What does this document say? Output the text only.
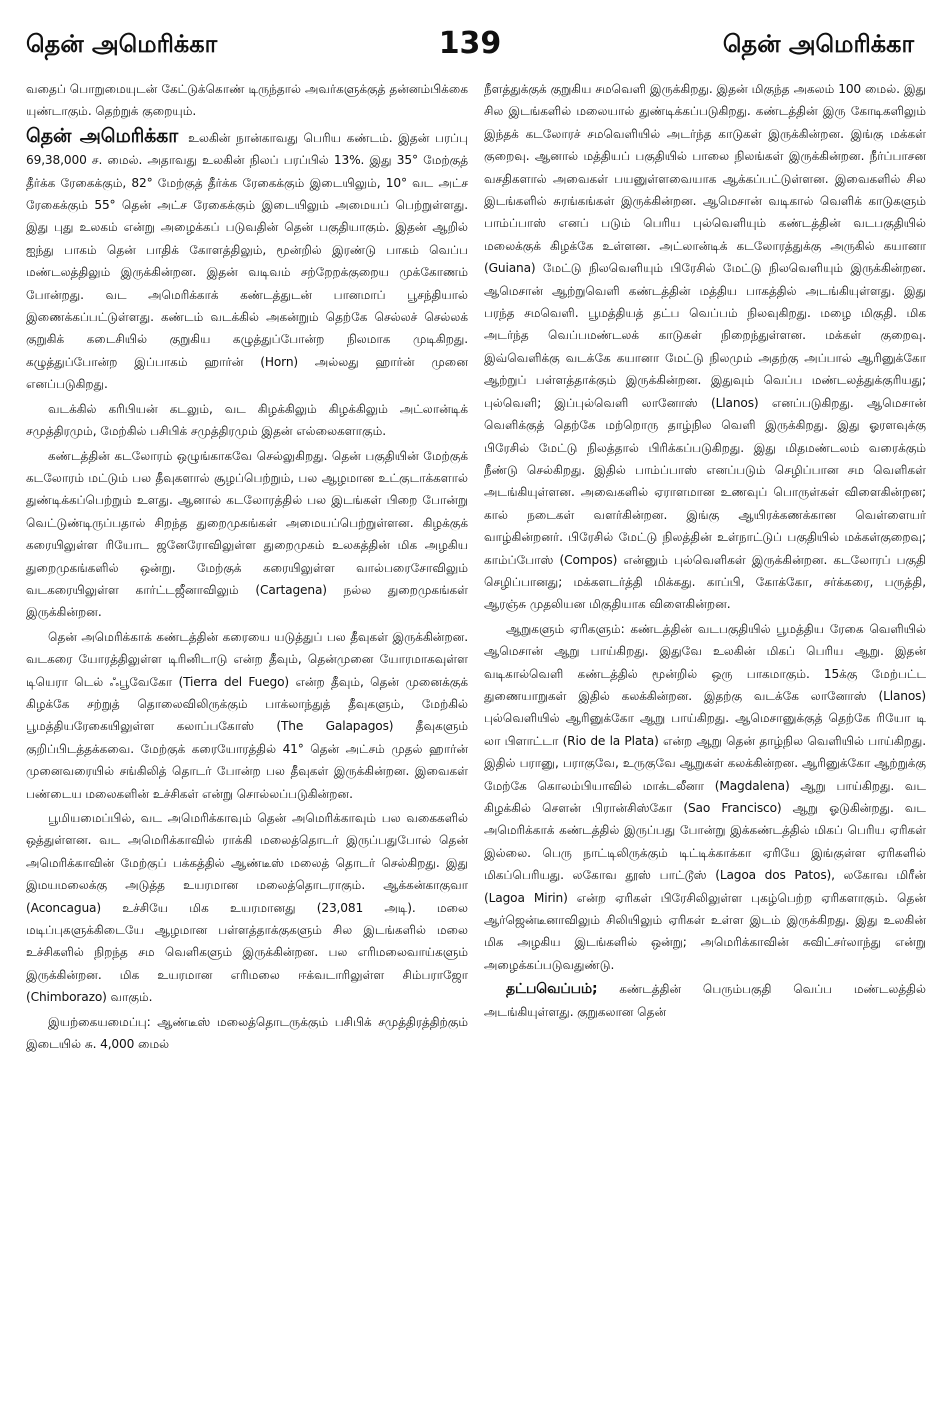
தென் அமெரிக்கா	139	தென் அமெரிக்கா

வதைப் பொறுமையுடன் கேட்டுக்கொண் டிருந்தால் அவர்களுக்குத் தன்னம்பிக்கை யுண்டாகும். தெற்றுக் குறையும்.

தென் அமெரிக்கா உலகின் நான்காவது பெரிய கண்டம். இதன் பரப்பு 69,38,000 ச. மைல். அதாவது உலகின் நிலப் பரப்பில் 13%. இது 35° மேற்குத் தீர்க்க ரேகைக்கும், 82° மேற்குத் தீர்க்க ரேகைக்கும் இடையிலும், 10° வட அட்ச ரேகைக்கும் 55° தென் அட்ச ரேகைக்கும் இடையிலும் அமையப் பெற்றுள்ளது. இது புது உலகம் என்று அழைக்கப் படுவதின் தென் பகுதியாகும். இதன் ஆறில் ஐந்து பாகம் தென் பாதிக் கோளத்திலும், மூன்றில் இரண்டு பாகம் வெப்ப மண்டலத்திலும் இருக்கின்றன. இதன் வடிவம் சற்றேறக்குறைய முக்கோணம் போன்றது. வட அமெரிக்காக் கண்டத்துடன் பானமாப் பூசந்தியால் இணைக்கப்பட்டுள்ளது. கண்டம் வடக்கில் அகன்றும் தெற்கே செல்லச் செல்லக் குறுகிக் கடைசியில் குறுகிய கழுத்துப்போன்ற நிலமாக முடிகிறது. கழுத்துப்போன்ற இப்பாகம் ஹார்ன் (Horn) அல்லது ஹார்ன் முனை எனப்படுகிறது.

வடக்கில் கரிபியன் கடலும், வட கிழக்கிலும் கிழக்கிலும் அட்லான்டிக் சமுத்திரமும், மேற்கில் பசிபிக் சமுத்திரமும் இதன் எல்லைகளாகும்.

கண்டத்தின் கடலோரம் ஒழுங்காகவே செல்லுகிறது. தென் பகுதியின் மேற்குக் கடலோரம் மட்டும் பல தீவுகளால் சூழப்பெற்றும், பல ஆழமான உட்குடாக்களால் துண்டிக்கப்பெற்றும் உளது. ஆனால் கடலோரத்தில் பல இடங்கள் பிறை போன்று வெட்டுண்டிருப்பதால் சிறந்த துறைமுகங்கள் அமையப்பெற்றுள்ளன. கிழக்குக் கரையிலுள்ள ரியோட ஜனேரோவிலுள்ள துறைமுகம் உலகத்தின் மிக அழகிய துறைமுகங்களில் ஒன்று. மேற்குக் கரையிலுள்ள வால்பரைசோவிலும் வடகரையிலுள்ள கார்ட்டஜீனாவிலும் (Cartagena) நல்ல துறைமுகங்கள் இருக்கின்றன.

தென் அமெரிக்காக் கண்டத்தின் கரையை யடுத்துப் பல தீவுகள் இருக்கின்றன. வடகரை யோரத்திலுள்ள டிரினிடாடு என்ற தீவும், தென்முனை யோரமாகவுள்ள டியெரா டெல் ஃபூவேகோ (Tierra del Fuego) என்ற தீவும், தென் முனைக்குக் கிழக்கே சற்றுத் தொலைவிலிருக்கும் பாக்லாந்துத் தீவுகளும், மேற்கில் பூமத்தியரேகையிலுள்ள கலாப்பகோஸ் (The Galapagos) தீவுகளும் குறிப்பிடத்தக்கவை. மேற்குக் கரையோரத்தில் 41° தென் அட்சம் முதல் ஹார்ன் முனைவரையில் சங்கிலித் தொடர் போன்ற பல தீவுகள் இருக்கின்றன. இவைகள் பண்டைய மலைகளின் உச்சிகள் என்று சொல்லப்படுகின்றன.

பூமியமைப்பில், வட அமெரிக்காவும் தென் அமெரிக்காவும் பல வகைகளில் ஒத்துள்ளன. வட அமெரிக்காவில் ராக்கி மலைத்தொடர் இருப்பதுபோல் தென் அமெரிக்காவின் மேற்குப் பக்கத்தில் ஆண்டீஸ் மலைத் தொடர் செல்கிறது. இது இமயமலைக்கு அடுத்த உயரமான மலைத்தொடராகும். ஆக்கன்காகுவா (Aconcagua) உச்சியே மிக உயரமானது (23,081 அடி). மலை மடிப்புகளுக்கிடையே ஆழமான பள்ளத்தாக்குகளும் சில இடங்களில் மலை உச்சிகளில் நிறந்த சம வெளிகளும் இருக்கின்றன. பல எரிமலைவாய்களும் இருக்கின்றன. மிக உயரமான எரிமலை ஈக்வடாரிலுள்ள சிம்பராஜோ (Chimborazo) வாகும்.

இயற்கையமைப்பு: ஆண்டீஸ் மலைத்தொடருக்கும் பசிபிக் சமுத்திரத்திற்கும் இடையில் சு. 4,000 மைல்

நீளத்துக்குக் குறுகிய சமவெளி இருக்கிறது. இதன் மிகுந்த அகலம் 100 மைல். இது சில இடங்களில் மலையால் துண்டிக்கப்படுகிறது. கண்டத்தின் இரு கோடிகளிலும் இந்தக் கடலோரச் சமவெளியில் அடர்ந்த காடுகள் இருக்கின்றன. இங்கு மக்கள் குறைவு. ஆனால் மத்தியப் பகுதியில் பாலை நிலங்கள் இருக்கின்றன. நீர்ப்பாசன வசதிகளால் அவைகள் பயனுள்ளவையாக ஆக்கப்பட்டுள்ளன. இவைகளில் சில இடங்களில் சுரங்கங்கள் இருக்கின்றன. ஆமெசான் வடிகால் வெளிக் காடுகளும் பாம்ப்பாஸ் எனப் படும் பெரிய புல்வெளியும் கண்டத்தின் வடபகுதியில் மலைக்குக் கிழக்கே உள்ளன. அட்லான்டிக் கடலோரத்துக்கு அருகில் கயானா (Guiana) மேட்டு நிலவெளியும் பிரேசில் மேட்டு நிலவெளியும் இருக்கின்றன. ஆமெசான் ஆற்றுவெளி கண்டத்தின் மத்திய பாகத்தில் அடங்கியுள்ளது. இது பரந்த சமவெளி. பூமத்தியத் தட்ப வெப்பம் நிலவுகிறது. மழை மிகுதி. மிக அடர்ந்த வெப்பமண்டலக் காடுகள் நிறைந்துள்ளன. மக்கள் குறைவு. இவ்வெளிக்கு வடக்கே கயானா மேட்டு நிலமும் அதற்கு அப்பால் ஆரினுக்கோ ஆற்றுப் பள்ளத்தாக்கும் இருக்கின்றன. இதுவும் வெப்ப மண்டலத்துக்குரியது; புல்வெளி; இப்புல்வெளி லானோஸ் (Llanos) எனப்படுகிறது. ஆமெசான் வெளிக்குத் தெற்கே மற்றொரு தாழ்நில வெளி இருக்கிறது. இது ஓரளவுக்கு பிரேசில் மேட்டு நிலத்தால் பிரிக்கப்படுகிறது. இது மிதமண்டலம் வரைக்கும் நீண்டு செல்கிறது. இதில் பாம்ப்பாஸ் எனப்படும் செழிப்பான சம வெளிகள் அடங்கியுள்ளன. அவைகளில் ஏராளமான உணவுப் பொருள்கள் விளைகின்றன; கால் நடைகள் வளர்கின்றன. இங்கு ஆயிரக்கணக்கான வெள்ளையர் வாழ்கின்றனர். பிரேசில் மேட்டு நிலத்தின் உள்நாட்டுப் பகுதியில் மக்கள்குறைவு; காம்ப்போஸ் (Compos) என்னும் புல்வெளிகள் இருக்கின்றன. கடலோரப் பகுதி செழிப்பானது; மக்களடர்த்தி மிக்கது. காப்பி, கோக்கோ, சர்க்கரை, பருத்தி, ஆரஞ்சு முதலியன மிகுதியாக விளைகின்றன.

ஆறுகளும் ஏரிகளும்: கண்டத்தின் வடபகுதியில் பூமத்திய ரேகை வெளியில் ஆமெசான் ஆறு பாய்கிறது. இதுவே உலகின் மிகப் பெரிய ஆறு. இதன் வடிகால்வெளி கண்டத்தில் மூன்றில் ஒரு பாகமாகும். 15க்கு மேற்பட்ட துணையாறுகள் இதில் கலக்கின்றன. இதற்கு வடக்கே லானோஸ் (Llanos) புல்வெளியில் ஆரினுக்கோ ஆறு பாய்கிறது. ஆமெசானுக்குத் தெற்கே ரியோ டி லா பிளாட்டா (Rio de la Plata) என்ற ஆறு தென் தாழ்நில வெளியில் பாய்கிறது. இதில் பரானு, பராகுவே, உருகுவே ஆறுகள் கலக்கின்றன. ஆரினுக்கோ ஆற்றுக்கு மேற்கே கொலம்பியாவில் மாக்டலீனா (Magdalena) ஆறு பாய்கிறது. வட கிழக்கில் சௌன் பிரான்சிஸ்கோ (Sao Francisco) ஆறு ஓடுகின்றது. வட அமெரிக்காக் கண்டத்தில் இருப்பது போன்று இக்கண்டத்தில் மிகப் பெரிய ஏரிகள் இல்லை. பெரு நாட்டிலிருக்கும் டிட்டிக்காக்கா ஏரியே இங்குள்ள ஏரிகளில் மிகப்பெரியது. லகோவ தூஸ் பாட்டூஸ் (Lagoa dos Patos), லகோவ மிரீன் (Lagoa Mirin) என்ற ஏரிகள் பிரேசிலிலுள்ள புகழ்பெற்ற ஏரிகளாகும். தென் ஆர்ஜென்டீனாவிலும் சிலியிலும் ஏரிகள் உள்ள இடம் இருக்கிறது. இது உலகின் மிக அழகிய இடங்களில் ஒன்று; அமெரிக்காவின் சுவிட்சர்லாந்து என்று அழைக்கப்படுவதுண்டு.

தட்பவெப்பம்; கண்டத்தின் பெரும்பகுதி வெப்ப மண்டலத்தில் அடங்கியுள்ளது. குறுகலான தென்
